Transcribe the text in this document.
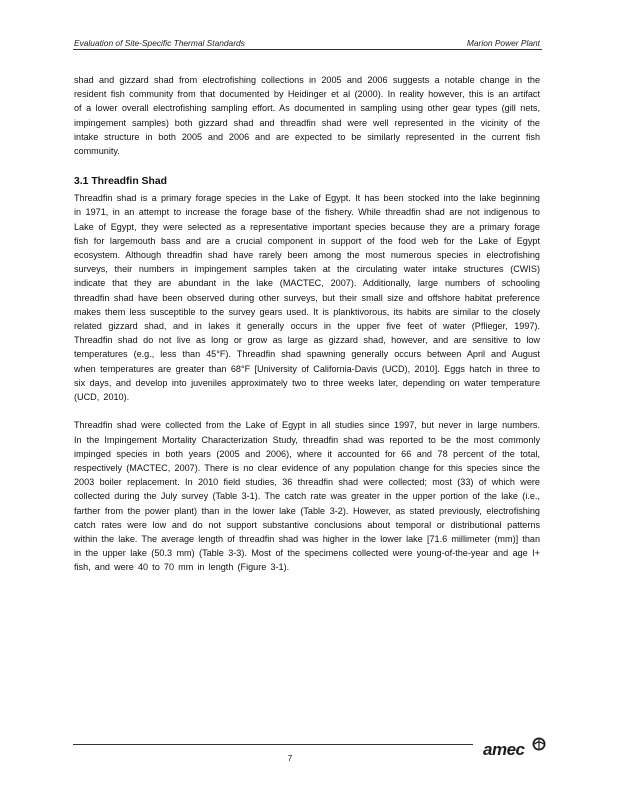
Evaluation of Site-Specific Thermal Standards	Marion Power Plant

shad and gizzard shad from electrofishing collections in 2005 and 2006 suggests a notable change in the resident fish community from that documented by Heidinger et al (2000). In reality however, this is an artifact of a lower overall electrofishing sampling effort. As documented in sampling using other gear types (gill nets, impingement samples) both gizzard shad and threadfin shad were well represented in the vicinity of the intake structure in both 2005 and 2006 and are expected to be similarly represented in the current fish community.

3.1 Threadfin Shad

Threadfin shad is a primary forage species in the Lake of Egypt. It has been stocked into the lake beginning in 1971, in an attempt to increase the forage base of the fishery. While threadfin shad are not indigenous to Lake of Egypt, they were selected as a representative important species because they are a primary forage fish for largemouth bass and are a crucial component in support of the food web for the Lake of Egypt ecosystem. Although threadfin shad have rarely been among the most numerous species in electrofishing surveys, their numbers in impingement samples taken at the circulating water intake structures (CWIS) indicate that they are abundant in the lake (MACTEC, 2007). Additionally, large numbers of schooling threadfin shad have been observed during other surveys, but their small size and offshore habitat preference makes them less susceptible to the survey gears used. It is planktivorous, its habits are similar to the closely related gizzard shad, and in lakes it generally occurs in the upper five feet of water (Pflieger, 1997). Threadfin shad do not live as long or grow as large as gizzard shad, however, and are sensitive to low temperatures (e.g., less than 45°F). Threadfin shad spawning generally occurs between April and August when temperatures are greater than 68°F [University of California-Davis (UCD), 2010]. Eggs hatch in three to six days, and develop into juveniles approximately two to three weeks later, depending on water temperature (UCD, 2010).

Threadfin shad were collected from the Lake of Egypt in all studies since 1997, but never in large numbers. In the Impingement Mortality Characterization Study, threadfin shad was reported to be the most commonly impinged species in both years (2005 and 2006), where it accounted for 66 and 78 percent of the total, respectively (MACTEC, 2007). There is no clear evidence of any population change for this species since the 2003 boiler replacement. In 2010 field studies, 36 threadfin shad were collected; most (33) of which were collected during the July survey (Table 3-1). The catch rate was greater in the upper portion of the lake (i.e., farther from the power plant) than in the lower lake (Table 3-2). However, as stated previously, electrofishing catch rates were low and do not support substantive conclusions about temporal or distributional patterns within the lake. The average length of threadfin shad was higher in the lower lake [71.6 millimeter (mm)] than in the upper lake (50.3 mm) (Table 3-3). Most of the specimens collected were young-of-the-year and age I+ fish, and were 40 to 70 mm in length (Figure 3-1).

7	amec
